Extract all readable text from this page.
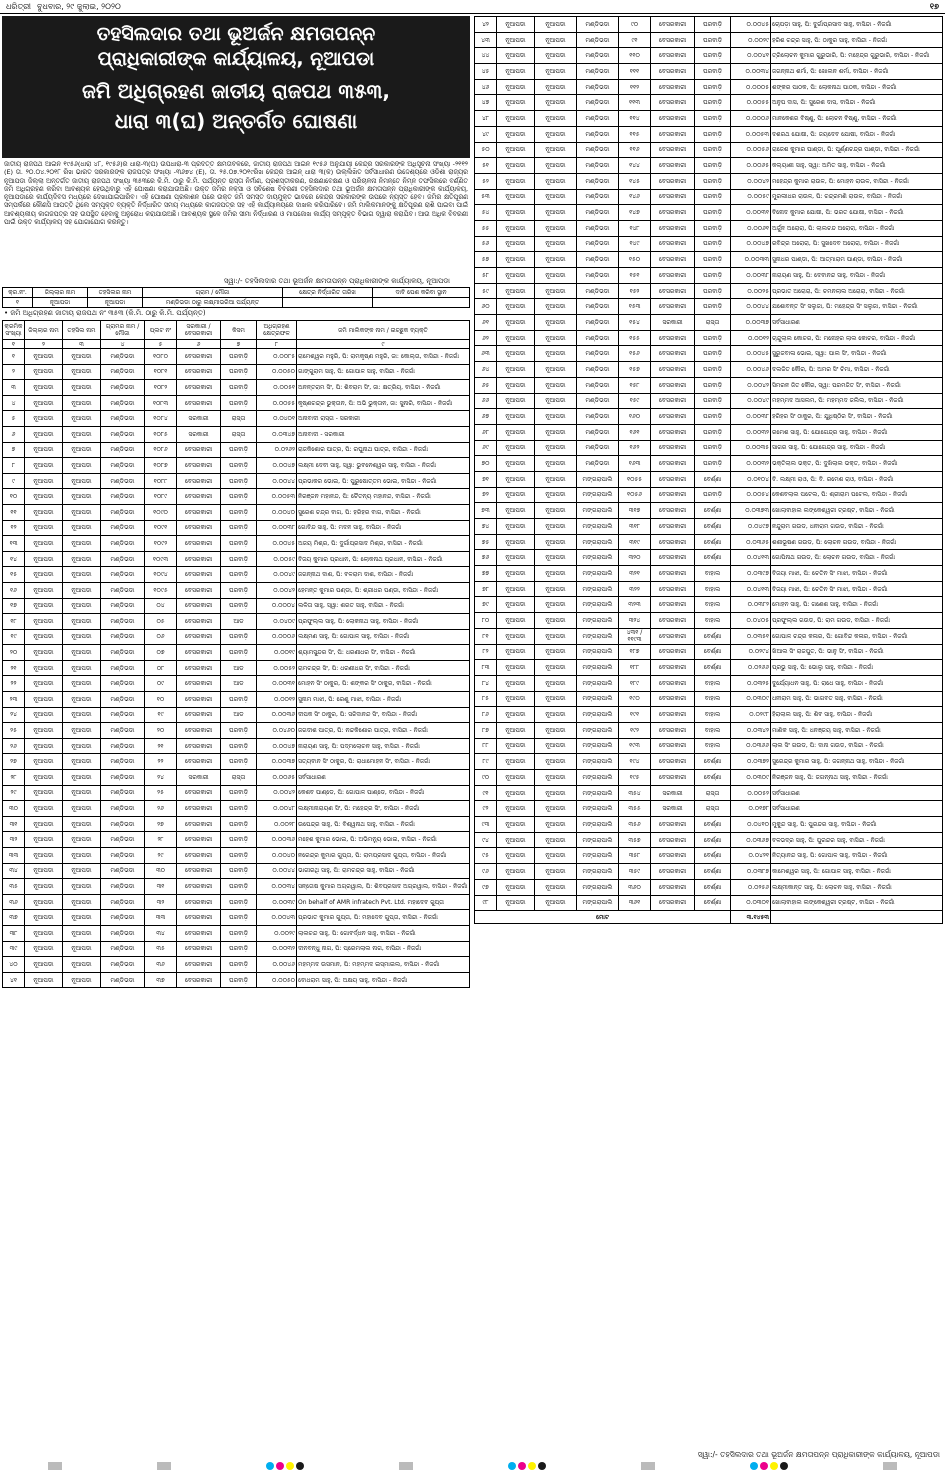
ଧରିତ୍ରୀ ବୁଧବାର, ୨୯ ଜୁଲାଇ, ୨୦୨୦	୧୭
ତହସିଲଦାର ତଥା ଭୂଅର୍ଜନ କ୍ଷମତାପନ୍ନ
ପ୍ରାଧିକାରୀଙ୍କ କାର୍ଯ୍ୟାଳୟ, ନୂଆପଡା
ଜମି ଅଧିଗ୍ରହଣ ଜାତୀୟ ରାଜପଥ ୩୫୩,
ଧାରା ୩(ଘ) ଅନ୍ତର୍ଗତ ଘୋଷଣା
ଜାତୀୟ ରାଜପଥ ଆଇନ ୧୯୫୬(ଧାରା ୪୮, ୧୯୫୬)ର ଧାରା-୩(ଘ) ଉପଧାରା-୩ ପ୍ରଦତ୍ତ କ୍ଷମତାବଳରେ, ଜାତୀୟ ରାଜପଥ ଆଇନ ୧୯୫୬ ଅନୁଯାୟୀ କେନ୍ଦ୍ର ସରକାରଙ୍କ ଅଧିସୂଚନା ସଂଖ୍ୟା -୨୧୧୨ (E) ତା. ୨୦.୦୪.୨୦୧୮ ରିଖ ଭାରତ ସରକାରଙ୍କ ରାଜପତ୍ର ସଂଖ୍ୟା -୩୬୭୪ (E), ତା. ୨୫.୦୭.୨୦୧୯ରିଖ କେନ୍ଦ୍ର ଆଇନ୍ ଧାରା ୩(କ) ଉଲ୍ଲିଖିତ ସର୍ବସାଧାରଣ ଉଦ୍ଦେଶ୍ୟରେ ଓଡିଶା ରାଜ୍ୟର ନୂଆପଡା ଜିଲ୍ଲା ଅନ୍ତର୍ଗତ ଜାତୀୟ ରାଜପଥ ସଂଖ୍ୟା ୩୫୩ରେ କି.ମି. ଠାରୁ କି.ମି. ପର୍ଯ୍ୟନ୍ତ ରାସ୍ତା ନିର୍ମାଣ, ପ୍ରଶସ୍ତୀକରଣ, ରକ୍ଷଣାବେକ୍ଷଣ ଓ ପରିଚାଳନା ନିମନ୍ତେ ନିମ୍ନ ତଫସିଲରେ ବର୍ଣ୍ଣିତ ଜମି ଅଧିଗ୍ରହଣ କରିବା ଆବଶ୍ୟକ ହେଉଥିବାରୁ ଏହି ଘୋଷଣା କରାଯାଉଅଛି। ଉକ୍ତ ଜମିର ନକ୍ସା ଓ ସବିଶେଷ ବିବରଣୀ ତହସିଲଦାର ତଥା ଭୂଅର୍ଜନ କ୍ଷମତାପନ୍ନ ପ୍ରାଧିକାରୀଙ୍କ କାର୍ଯ୍ୟାଳୟ, ନୂଆପଡାରେ କାର୍ଯ୍ୟଦିବସ ମଧ୍ୟରେ ଦେଖାଯାଇପାରିବ। ଏହି ଘୋଷଣା ପ୍ରକାଶନ ପରେ ଉକ୍ତ ଜମି ସମସ୍ତ ଦାୟମୁକ୍ତ ଭାବରେ କେନ୍ଦ୍ର ସରକାରଙ୍କ ଉପରେ ନ୍ୟସ୍ତ ହେବ। ଜମିର କ୍ଷତିପୂରଣ ସମ୍ପର୍କରେ କୌଣସି ଆପତ୍ତି ଥିଲେ ସମ୍ପୃକ୍ତ ବ୍ୟକ୍ତି ନିର୍ଦ୍ଧାରିତ ସମୟ ମଧ୍ୟରେ କାଗଜପତ୍ର ସହ ଏହି କାର୍ଯ୍ୟାଳୟରେ ଦାଖଲ କରିପାରିବେ। ଜମି ମାଲିକମାନଙ୍କୁ କ୍ଷତିପୂରଣ ରାଶି ପାଇବା ପାଇଁ ଆବଶ୍ୟକୀୟ କାଗଜପତ୍ର ସହ ଉପସ୍ଥିତ ହେବାକୁ ଅନୁରୋଧ କରାଯାଉଅଛି। ଆବଶ୍ୟକ ସ୍ଥଳେ ଜମିର ସୀମା ନିର୍ଦ୍ଧାରଣ ଓ ମାପଜୋଖ କାର୍ଯ୍ୟ ସମ୍ପୃକ୍ତ ବିଭାଗ ଦ୍ୱାରା କରାଯିବ। ଆଉ ଅଧିକ ବିବରଣୀ ପାଇଁ ଉକ୍ତ କାର୍ଯ୍ୟାଳୟ ସହ ଯୋଗାଯୋଗ କରନ୍ତୁ।
ସ୍ୱା:/- ତହସିଲଦାର ତଥା ଭୂଅର୍ଜନ କ୍ଷମତାପନ୍ନ ପ୍ରାଧିକାରୀଙ୍କ କାର୍ଯ୍ୟାଳୟ, ନୂଆପଡା
କ୍ର.ନଂ.	ଜିଲ୍ଲାର ନାମ	ତହସିଲର ନାମ	ଗ୍ରାମ / ମୌଜା	କ୍ଷେତ୍ର ନିର୍ଦ୍ଧାରିତ ତାରିଖ	ଦାବି ପେଶ କରିବା ସ୍ଥାନ
୧	ନୂଆପଡା	ନୂଆପଡା	ମଣ୍ଡିଭଡା ଠାରୁ ଲକ୍ଷ୍ମୀଭରିଆ ପର୍ଯ୍ୟନ୍ତ		
• ଜମି ଅଧିଗ୍ରହଣ ଜାତୀୟ ରାଜପଥ ନଂ ୩୫୩ (କି.ମି. ଠାରୁ କି.ମି. ପର୍ଯ୍ୟନ୍ତ)
କ୍ରମିକ ସଂଖ୍ୟା	ଜିଲ୍ଲାର ନାମ	ତହସିଲ ନାମ	ଗ୍ରାମର ନାମ / ମୌଜା	ପ୍ଲଟ ନଂ	ସରକାରୀ / ବେସରକାରୀ	କିସମ	ଅଧିଗ୍ରହଣ କ୍ଷେତ୍ରଫଳ	ଜମି ମାଲିକଙ୍କ ନାମ / ଇଚ୍ଛୁକ ବ୍ୟକ୍ତି
୧	୨	୩	୪	୫	୬	୭	୮	୯
୧	ନୂଆପଡା	ନୂଆପଡା	ମଣ୍ଡିଭଡା	୧୦୮୦	ବେସରକାରୀ	ଘରବାଡ଼ି	୦.୦୦୮୫	ରାମେଶ୍ୱର ମହୁରି, ପି: ରାମକୃଷ୍ଣ ମହୁରି, ଜା: କୋଲ୍ତା, ବାସିନ୍ଦା - ନିଜଗାଁ
୨	ନୂଆପଡା	ନୂଆପଡା	ମଣ୍ଡିଭଡା	୧୦୮୧	ବେସରକାରୀ	ଘରବାଡ଼ି	୦.୦୦୫୦	ଗାଙ୍ଗୁରାମ ସାହୁ, ପି: ଗୋପାଳ ସାହୁ, ବାସିନ୍ଦା - ନିଜଗାଁ
୩	ନୂଆପଡା	ନୂଆପଡା	ମଣ୍ଡିଭଡା	୧୦୮୨	ବେସରକାରୀ	ଘରବାଡ଼ି	୦.୦୦୫୧	ଅନନ୍ତରାମ ସିଂ, ପି: ଶିବରାମ ସିଂ, ଜା: କ୍ଷତ୍ରିୟ, ବାସିନ୍ଦା - ନିଜଗାଁ
୪	ନୂଆପଡା	ନୂଆପଡା	ମଣ୍ଡିଭଡା	୧୦୮୩	ବେସରକାରୀ	ଘରବାଡ଼ି	୦.୦୦୫୫	କୃଷ୍ଣଚନ୍ଦ୍ର ଭୁକ୍ତାନ, ପି: ଅଭି ଭୁକ୍ତାନ, ଜା: ସୁନାରି, ବାସିନ୍ଦା - ନିଜଗାଁ
୫	ନୂଆପଡା	ନୂଆପଡା	ମଣ୍ଡିଭଡା	୧୦୮୪	ସରକାରୀ	ରାସ୍ତା	୦.୦୪୦୧	ଅନାବାଦୀ ରାସ୍ତା - ସରକାରୀ
୬	ନୂଆପଡା	ନୂଆପଡା	ମଣ୍ଡିଭଡା	୧୦୮୫	ସରକାରୀ	ରାସ୍ତା	୦.୦୩୪୭	ଅନାବାଦୀ - ସରକାରୀ
୭	ନୂଆପଡା	ନୂଆପଡା	ମଣ୍ଡିଭଡା	୧୦୮୬	ବେସରକାରୀ	ଘରବାଡ଼ି	୦.୦୨୬୨	ରାଜକିଶୋର ପାତ୍ର, ପି: ରଘୁନାଥ ପାତ୍ର, ବାସିନ୍ଦା - ନିଜଗାଁ
୮	ନୂଆପଡା	ନୂଆପଡା	ମଣ୍ଡିଭଡା	୧୦୮୭	ବେସରକାରୀ	ଘରବାଡ଼ି	୦.୦୦୪୭	ଲକ୍ଷ୍ମୀ ଦେବୀ ସାହୁ, ସ୍ୱା: ଭୁବନେଶ୍ୱର ସାହୁ, ବାସିନ୍ଦା - ନିଜଗାଁ
୯	ନୂଆପଡା	ନୂଆପଡା	ମଣ୍ଡିଭଡା	୧୦୮୮	ବେସରକାରୀ	ଘରବାଡ଼ି	୦.୦୦୪୪	ପ୍ରଭାକର ଭୋଇ, ପି: ପୁରୁଷୋତ୍ତମ ଭୋଇ, ବାସିନ୍ଦା - ନିଜଗାଁ
୧୦	ନୂଆପଡା	ନୂଆପଡା	ମଣ୍ଡିଭଡା	୧୦୮୯	ବେସରକାରୀ	ଘରବାଡ଼ି	୦.୦୦୫୩	ନିରଞ୍ଜନ ମହାନନ୍ଦ, ପି: ଚୈତନ୍ୟ ମହାନନ୍ଦ, ବାସିନ୍ଦା - ନିଜଗାଁ
୧୧	ନୂଆପଡା	ନୂଆପଡା	ମଣ୍ଡିଭଡା	୧୦୯୦	ବେସରକାରୀ	ଘରବାଡ଼ି	୦.୦୦୪୦	ସୁରେଶ ଚନ୍ଦ୍ର ବାଗ, ପି: ହରିହର ବାଗ, ବାସିନ୍ଦା - ନିଜଗାଁ
୧୨	ନୂଆପଡା	ନୂଆପଡା	ମଣ୍ଡିଭଡା	୧୦୯୧	ବେସରକାରୀ	ଘରବାଡ଼ି	୦.୦୦୩୮	ଗୋବିନ୍ଦ ସାହୁ, ପି: ମଦନ ସାହୁ, ବାସିନ୍ଦା - ନିଜଗାଁ
୧୩	ନୂଆପଡା	ନୂଆପଡା	ମଣ୍ଡିଭଡା	୧୦୯୨	ବେସରକାରୀ	ଘରବାଡ଼ି	୦.୦୦୪୫	ଅଜୟ ମିଶ୍ର, ପି: ଦୁର୍ଗାପ୍ରସାଦ ମିଶ୍ର, ବାସିନ୍ଦା - ନିଜଗାଁ
୧୪	ନୂଆପଡା	ନୂଆପଡା	ମଣ୍ଡିଭଡା	୧୦୯୩	ବେସରକାରୀ	ଘରବାଡ଼ି	୦.୦୦୫୯	ବିଜୟ କୁମାର ପ୍ରଧାନ, ପି: ଲୋକନାଥ ପ୍ରଧାନ, ବାସିନ୍ଦା - ନିଜଗାଁ
୧୫	ନୂଆପଡା	ନୂଆପଡା	ମଣ୍ଡିଭଡା	୧୦୯୪	ବେସରକାରୀ	ଘରବାଡ଼ି	୦.୦୦୪୯	ଜଗନ୍ନାଥ ଦାଶ, ପି: ବଳରାମ ଦାଶ, ବାସିନ୍ଦା - ନିଜଗାଁ
୧୬	ନୂଆପଡା	ନୂଆପଡା	ମଣ୍ଡିଭଡା	୧୦୯୫	ବେସରକାରୀ	ଘରବାଡ଼ି	୦.୦୦୪୨	ହେମନ୍ତ କୁମାର ପଣ୍ଡା, ପି: ଶ୍ରୀଧର ପଣ୍ଡା, ବାସିନ୍ଦା - ନିଜଗାଁ
୧୭	ନୂଆପଡା	ନୂଆପଡା	ମଣ୍ଡିଭଡା	୦୪	ବେସରକାରୀ	ଘରବାଡ଼ି	୦.୦୦୦୪	ଲଳିତା ସାହୁ, ସ୍ୱା: ଶରତ ସାହୁ, ବାସିନ୍ଦା - ନିଜଗାଁ
୧୮	ନୂଆପଡା	ନୂଆପଡା	ମଣ୍ଡିଭଡା	୦୫	ବେସରକାରୀ	ଆଡ	୦.୦୪୦୯	ପ୍ରଫୁଲ୍ଲ ସାହୁ, ପି: ଲୋକନାଥ ସାହୁ, ବାସିନ୍ଦା - ନିଜଗାଁ
୧୯	ନୂଆପଡା	ନୂଆପଡା	ମଣ୍ଡିଭଡା	୦୬	ବେସରକାରୀ	ଘରବାଡ଼ି	୦.୦୦୦୬	ଲକ୍ଷ୍ମଣ ସାହୁ, ପି: ଗୋପାଳ ସାହୁ, ବାସିନ୍ଦା - ନିଜଗାଁ
୨୦	ନୂଆପଡା	ନୂଆପଡା	ମଣ୍ଡିଭଡା	୦୭	ବେସରକାରୀ	ଘରବାଡ଼ି	୦.୦୦୧୯	ଶ୍ୟାମସୁନ୍ଦର ସିଂ, ପି: ଧରଣୀଧର ସିଂ, ବାସିନ୍ଦା - ନିଜଗାଁ
୨୧	ନୂଆପଡା	ନୂଆପଡା	ମଣ୍ଡିଭଡା	୦୮	ବେସରକାରୀ	ଆଡ	୦.୦୦୫୨	ରାମଚନ୍ଦ୍ର ସିଂ, ପି: ଧରଣୀଧର ସିଂ, ବାସିନ୍ଦା - ନିଜଗାଁ
୨୨	ନୂଆପଡା	ନୂଆପଡା	ମଣ୍ଡିଭଡା	୦୯	ବେସରକାରୀ	ଆଡ	୦.୦୦୩୧	ମୋହନ ସିଂ ଠାକୁର, ପି: ଶଙ୍କର ସିଂ ଠାକୁର, ବାସିନ୍ଦା - ନିଜଗାଁ
୨୩	ନୂଆପଡା	ନୂଆପଡା	ମଣ୍ଡିଭଡା	୧୦	ବେସରକାରୀ	ଘରବାଡ଼ି	୦.୦୦୧୨	ସୁନାମ ମାଝୀ, ପି: ରେଣୁ ମାଝୀ, ବାସିନ୍ଦା - ନିଜଗାଁ
୨୪	ନୂଆପଡା	ନୂଆପଡା	ମଣ୍ଡିଭଡା	୧୯	ବେସରକାରୀ	ଆଡ	୦.୦୦୩୬	ଦୀପକ ସିଂ ଠାକୁର, ପି: ସଚ୍ଚିଦାନନ୍ଦ ସିଂ, ବାସିନ୍ଦା - ନିଜଗାଁ
୨୫	ନୂଆପଡା	ନୂଆପଡା	ମଣ୍ଡିଭଡା	୨୦	ବେସରକାରୀ	ଘରବାଡ଼ି	୦.୦୪୬୦	ଜଗଦୀଶ ପାତ୍ର, ପି: ନନ୍ଦକିଶୋର ପାତ୍ର, ବାସିନ୍ଦା - ନିଜଗାଁ
୨୬	ନୂଆପଡା	ନୂଆପଡା	ମଣ୍ଡିଭଡା	୨୧	ବେସରକାରୀ	ଘରବାଡ଼ି	୦.୦୦୪୭	ନାରାୟଣ ସାହୁ, ପି: ପଦ୍ମଲୋଚନ ସାହୁ, ବାସିନ୍ଦା - ନିଜଗାଁ
୨୭	ନୂଆପଡା	ନୂଆପଡା	ମଣ୍ଡିଭଡା	୨୨	ବେସରକାରୀ	ଘରବାଡ଼ି	୦.୦୦୩୭	ସତ୍ୟବାନ ସିଂ ଠାକୁର, ପି: ରାଧାମୋହନ ସିଂ, ବାସିନ୍ଦା - ନିଜଗାଁ
୨୮	ନୂଆପଡା	ନୂଆପଡା	ମଣ୍ଡିଭଡା	୨୪	ସରକାରୀ	ରାସ୍ତା	୦.୦୦୬୫	ସର୍ବସାଧାରଣ
୨୯	ନୂଆପଡା	ନୂଆପଡା	ମଣ୍ଡିଭଡା	୨୫	ବେସରକାରୀ	ଘରବାଡ଼ି	୦.୦୦୪୨	କେଶବ ପାଣ୍ଡେ, ପି: ଗୋପାଳ ପାଣ୍ଡେ, ବାସିନ୍ଦା - ନିଜଗାଁ
୩୦	ନୂଆପଡା	ନୂଆପଡା	ମଣ୍ଡିଭଡା	୨୬	ବେସରକାରୀ	ଘରବାଡ଼ି	୦.୦୦୪୮	ଲକ୍ଷ୍ମୀନାରାୟଣ ସିଂ, ପି: ମହେନ୍ଦ୍ର ସିଂ, ବାସିନ୍ଦା - ନିଜଗାଁ
୩୧	ନୂଆପଡା	ନୂଆପଡା	ମଣ୍ଡିଭଡା	୨୭	ବେସରକାରୀ	ଘରବାଡ଼ି	୦.୦୦୨୮	ଉପେନ୍ଦ୍ର ସାହୁ, ପି: ବିଶ୍ୱନାଥ ସାହୁ, ବାସିନ୍ଦା - ନିଜଗାଁ
୩୨	ନୂଆପଡା	ନୂଆପଡା	ମଣ୍ଡିଭଡା	୨୮	ବେସରକାରୀ	ଘରବାଡ଼ି	୦.୦୦୩୬	ମହେଶ କୁମାର ଭୋଇ, ପି: ଅଭିମନ୍ୟୁ ଭୋଇ, ବାସିନ୍ଦା - ନିଜଗାଁ
୩୩	ନୂଆପଡା	ନୂଆପଡା	ମଣ୍ଡିଭଡା	୨୯	ବେସରକାରୀ	ଘରବାଡ଼ି	୦.୦୦୪୦	ନରେନ୍ଦ୍ର କୁମାର ଗୁପ୍ତା, ପି: ରାମପ୍ରସାଦ ଗୁପ୍ତା, ବାସିନ୍ଦା - ନିଜଗାଁ
୩୪	ନୂଆପଡା	ନୂଆପଡା	ମଣ୍ଡିଭଡା	୩୦	ବେସରକାରୀ	ଘରବାଡ଼ି	୦.୦୦୪୪	ଭାଗୀରଥି ସାହୁ, ପି: ରାମଚନ୍ଦ୍ର ସାହୁ, ବାସିନ୍ଦା - ନିଜଗାଁ
୩୫	ନୂଆପଡା	ନୂଆପଡା	ମଣ୍ଡିଭଡା	୩୧	ବେସରକାରୀ	ଘରବାଡ଼ି	୦.୦୦୩୪	ସନ୍ତୋଷ କୁମାର ଅଗ୍ରୱାଲ, ପି: ଶିବପ୍ରସାଦ ଅଗ୍ରୱାଲ, ବାସିନ୍ଦା - ନିଜଗାଁ
୩୬	ନୂଆପଡା	ନୂଆପଡା	ମଣ୍ଡିଭଡା	୩୨	ବେସରକାରୀ	ଘରବାଡ଼ି	୦.୦୦୩୯	On behalf of AMR infratech Pvt. Ltd. ମହାଦେବ ଗୁପ୍ତା
୩୭	ନୂଆପଡା	ନୂଆପଡା	ମଣ୍ଡିଭଡା	୩୩	ବେସରକାରୀ	ଘରବାଡ଼ି	୦.୦୦୪୩	ପ୍ରଭାତ କୁମାର ଗୁପ୍ତା, ପି: ମହାଦେବ ଗୁପ୍ତା, ବାସିନ୍ଦା - ନିଜଗାଁ
୩୮	ନୂଆପଡା	ନୂଆପଡା	ମଣ୍ଡିଭଡା	୩୪	ବେସରକାରୀ	ଘରବାଡ଼ି	୦.୦୦୨୯	ଲାଲଚନ୍ଦ ସାହୁ, ପି: ଗୋବର୍ଦ୍ଧନ ସାହୁ, ବାସିନ୍ଦା - ନିଜଗାଁ
୩୯	ନୂଆପଡା	ନୂଆପଡା	ମଣ୍ଡିଭଡା	୩୫	ବେସରକାରୀ	ଘରବାଡ଼ି	୦.୦୦୩୨	ଦୀନବନ୍ଧୁ ନାଗ, ପି: ପ୍ରେମଲାଲ ନାଗ, ବାସିନ୍ଦା - ନିଜଗାଁ
୪୦	ନୂଆପଡା	ନୂଆପଡା	ମଣ୍ଡିଭଡା	୩୬	ବେସରକାରୀ	ଘରବାଡ଼ି	୦.୦୦୪୬	ମହମ୍ମଦ ଉସମାନ, ପି: ମହମ୍ମଦ ଇସ୍ମାଇଲ, ବାସିନ୍ଦା - ନିଜଗାଁ
୪୧	ନୂଆପଡା	ନୂଆପଡା	ମଣ୍ଡିଭଡା	୩୭	ବେସରକାରୀ	ଘରବାଡ଼ି	୦.୦୦୫୦	ବୋଧରାମ ସାହୁ, ପି: ଅକ୍ଷୟ ସାହୁ, ବାସିନ୍ଦା - ନିଜଗାଁ
୪୨	ନୂଆପଡା	ନୂଆପଡା	ମଣ୍ଡିଭଡା	୯୦	ବେସରକାରୀ	ଘରବାଡ଼ି	୦.୦୦୪୫	ଚୋପଡ଼ା ସାହୁ, ପି: ଦୁର୍ଗାପ୍ରସାଦ ସାହୁ, ବାସିନ୍ଦା - ନିଜଗାଁ
୪୩	ନୂଆପଡା	ନୂଆପଡା	ମଣ୍ଡିଭଡା	୯୧	ବେସରକାରୀ	ଘରବାଡ଼ି	୦.୦୦୨୯	ହରିଶ ଚନ୍ଦ୍ର ସାହୁ, ପି: ଠାକୁର ସାହୁ, ବାସିନ୍ଦା - ନିଜଗାଁ
୪୪	ନୂଆପଡା	ନୂଆପଡା	ମଣ୍ଡିଭଡା	୧୧୦	ବେସରକାରୀ	ଘରବାଡ଼ି	୦.୦୦୪୧	ତ୍ରିଲୋଚନ କୁମାର ଗୁରୁଭାରି, ପି: ମହେନ୍ଦ୍ର ଗୁରୁଭାରି, ବାସିନ୍ଦା - ନିଜଗାଁ
୪୫	ନୂଆପଡା	ନୂଆପଡା	ମଣ୍ଡିଭଡା	୧୧୧	ବେସରକାରୀ	ଘରବାଡ଼ି	୦.୦୦୩୪	ଜଗନ୍ନାଥ ଶର୍ମା, ପି: ଖୋଲନ ଶର୍ମା, ବାସିନ୍ଦା - ନିଜଗାଁ
୪୬	ନୂଆପଡା	ନୂଆପଡା	ମଣ୍ଡିଭଡା	୧୧୨	ବେସରକାରୀ	ଘରବାଡ଼ି	୦.୦୦୦୫	ଶଙ୍କର ପାଠକ, ପି: ଲୋକନାଥ ପାଠକ, ବାସିନ୍ଦା - ନିଜଗାଁ
୪୭	ନୂଆପଡା	ନୂଆପଡା	ମଣ୍ଡିଭଡା	୧୧୩	ବେସରକାରୀ	ଘରବାଡ଼ି	୦.୦୦୫୫	ଅନୁପ ଦାସ, ପି: ସୁରେଶ ଦାସ, ବାସିନ୍ଦା - ନିଜଗାଁ
୪୮	ନୂଆପଡା	ନୂଆପଡା	ମଣ୍ଡିଭଡା	୧୧୪	ବେସରକାରୀ	ଘରବାଡ଼ି	୦.୦୦୦୬	ମାନକେଶର ବିଷ୍ଣୁ, ପି: ଲୋଚନ ବିଷ୍ଣୁ, ବାସିନ୍ଦା - ନିଜଗାଁ
୪୯	ନୂଆପଡା	ନୂଆପଡା	ମଣ୍ଡିଭଡା	୧୧୫	ବେସରକାରୀ	ଘରବାଡ଼ି	୦.୦୦୫୩	ଦଶରଥ ଯୋଷୀ, ପି: ଜୟଦେବ ଯୋଷୀ, ବାସିନ୍ଦା - ନିଜଗାଁ
୫୦	ନୂଆପଡା	ନୂଆପଡା	ମଣ୍ଡିଭଡା	୧୧୬	ବେସରକାରୀ	ଘରବାଡ଼ି	୦.୦୦୫୬	ରାଜେଶ କୁମାର ପାଣ୍ଡା, ପି: ପୂର୍ଣ୍ଣଚନ୍ଦ୍ର ପାଣ୍ଡା, ବାସିନ୍ଦା - ନିଜଗାଁ
୫୧	ନୂଆପଡା	ନୂଆପଡା	ମଣ୍ଡିଭଡା	୧୪୪	ବେସରକାରୀ	ଘରବାଡ଼ି	୦.୦୦୬୫	କଲ୍ୟାଣୀ ସାହୁ, ସ୍ୱା: ଅମିତ ସାହୁ, ବାସିନ୍ଦା - ନିଜଗାଁ
୫୨	ନୂଆପଡା	ନୂଆପଡା	ମଣ୍ଡିଭଡା	୧୪୫	ବେସରକାରୀ	ଘରବାଡ଼ି	୦.୦୦୪୨	ମହେନ୍ଦ୍ର କୁମାର ରାଉଳ, ପି: ମୋହନ ରାଉଳ, ବାସିନ୍ଦା - ନିଜଗାଁ
୫୩	ନୂଆପଡା	ନୂଆପଡା	ମଣ୍ଡିଭଡା	୧୪୬	ବେସରକାରୀ	ଘରବାଡ଼ି	୦.୦୦୫୯	ମୁରଲୀଧର ରାଉଳ, ପି: ଚନ୍ଦ୍ରମଣି ରାଉଳ, ବାସିନ୍ଦା - ନିଜଗାଁ
୫୪	ନୂଆପଡା	ନୂଆପଡା	ମଣ୍ଡିଭଡା	୧୪୭	ବେସରକାରୀ	ଘରବାଡ଼ି	୦.୦୦୩୧	ବିନୋଦ କୁମାର ଯୋଷୀ, ପି: ଭରତ ଯୋଷୀ, ବାସିନ୍ଦା - ନିଜଗାଁ
୫୫	ନୂଆପଡା	ନୂଆପଡା	ମଣ୍ଡିଭଡା	୧୪୮	ବେସରକାରୀ	ଘରବାଡ଼ି	୦.୦୦୬୧	ଅର୍ଜୁନ ଅରୋରା, ପି: ଲାଲଚନ୍ଦ ଅରୋରା, ବାସିନ୍ଦା - ନିଜଗାଁ
୫୬	ନୂଆପଡା	ନୂଆପଡା	ମଣ୍ଡିଭଡା	୧୪୯	ବେସରକାରୀ	ଘରବାଡ଼ି	୦.୦୦୪୭	ରବିନ୍ଦ୍ର ଅରୋରା, ପି: ସୁଖଦେବ ଅରୋରା, ବାସିନ୍ଦା - ନିଜଗାଁ
୫୭	ନୂଆପଡା	ନୂଆପଡା	ମଣ୍ଡିଭଡା	୧୫୦	ବେସରକାରୀ	ଘରବାଡ଼ି	୦.୦୦୩୩	ସୁନାଧର ପାଣ୍ଡା, ପି: ଆତ୍ମାରାମ ପାଣ୍ଡା, ବାସିନ୍ଦା - ନିଜଗାଁ
୫୮	ନୂଆପଡା	ନୂଆପଡା	ମଣ୍ଡିଭଡା	୧୫୧	ବେସରକାରୀ	ଘରବାଡ଼ି	୦.୦୦୩୮	ନାରାୟଣ ସାହୁ, ପି: ଦେବାନନ୍ଦ ସାହୁ, ବାସିନ୍ଦା - ନିଜଗାଁ
୫୯	ନୂଆପଡା	ନୂଆପଡା	ମଣ୍ଡିଭଡା	୧୫୨	ବେସରକାରୀ	ଘରବାଡ଼ି	୦.୦୦୨୫	ପ୍ରଭାତ ଅରୋରା, ପି: ଚମନଲାଲ ଅରୋରା, ବାସିନ୍ଦା - ନିଜଗାଁ
୬୦	ନୂଆପଡା	ନୂଆପଡା	ମଣ୍ଡିଭଡା	୧୫୩	ବେସରକାରୀ	ଘରବାଡ଼ି	୦.୦୦୪୪	ଯଶୋବନ୍ତ ସିଂ ସଲୁଜା, ପି: ମହେନ୍ଦ୍ର ସିଂ ସଲୁଜା, ବାସିନ୍ଦା - ନିଜଗାଁ
୬୧	ନୂଆପଡା	ନୂଆପଡା	ମଣ୍ଡିଭଡା	୧୫୪	ସରକାରୀ	ରାସ୍ତା	୦.୦୦୩୭	ସର୍ବସାଧାରଣ
୬୨	ନୂଆପଡା	ନୂଆପଡା	ମଣ୍ଡିଭଡା	୧୫୫	ବେସରକାରୀ	ଘରବାଡ଼ି	୦.୦୦୧୨	ଚାନ୍ଦୁଲାଲ କୋଚର, ପି: ମନୋହର ଲାଲ କୋଚର, ବାସିନ୍ଦା - ନିଜଗାଁ
୬୩	ନୂଆପଡା	ନୂଆପଡା	ମଣ୍ଡିଭଡା	୧୫୬	ବେସରକାରୀ	ଘରବାଡ଼ି	୦.୦୦୪୫	ସୁରୁଜବାଳା ଭୋଇ, ସ୍ୱା: ପାଲ ସିଂ, ବାସିନ୍ଦା - ନିଜଗାଁ
୬୪	ନୂଆପଡା	ନୂଆପଡା	ମଣ୍ଡିଭଡା	୧୫୭	ବେସରକାରୀ	ଘରବାଡ଼ି	୦.୦୦୪୬	ଦଲଜିତ କୌର, ପି: ଅମର ସିଂ ଚିମା, ବାସିନ୍ଦା - ନିଜଗାଁ
୬୫	ନୂଆପଡା	ନୂଆପଡା	ମଣ୍ଡିଭଡା	୧୫୮	ବେସରକାରୀ	ଘରବାଡ଼ି	୦.୦୦୪୨	ସିମରନ ଜିତ କୌର, ସ୍ୱା: ପରମଜିତ ସିଂ, ବାସିନ୍ଦା - ନିଜଗାଁ
୬୬	ନୂଆପଡା	ନୂଆପଡା	ମଣ୍ଡିଭଡା	୧୫୯	ବେସରକାରୀ	ଘରବାଡ଼ି	୦.୦୦୪୯	ମହମ୍ମଦ ଆସଲମ, ପି: ମହମ୍ମଦ ଜଲିଲ, ବାସିନ୍ଦା - ନିଜଗାଁ
୬୭	ନୂଆପଡା	ନୂଆପଡା	ମଣ୍ଡିଭଡା	୧୬୦	ବେସରକାରୀ	ଘରବାଡ଼ି	୦.୦୦୩୮	ହରିହର ସିଂ ଠାକୁର, ପି: ଯୁଧିଷ୍ଠିର ସିଂ, ବାସିନ୍ଦା - ନିଜଗାଁ
୬୮	ନୂଆପଡା	ନୂଆପଡା	ମଣ୍ଡିଭଡା	୧୬୧	ବେସରକାରୀ	ଘରବାଡ଼ି	୦.୦୦୩୨	ରମେଶ ସାହୁ, ପି: ଯୋଗେନ୍ଦ୍ର ସାହୁ, ବାସିନ୍ଦା - ନିଜଗାଁ
୬୯	ନୂଆପଡା	ନୂଆପଡା	ମଣ୍ଡିଭଡା	୧୬୨	ବେସରକାରୀ	ଘରବାଡ଼ି	୦.୦୦୩୫	ସାଗର ସାହୁ, ପି: ଯୋଗେନ୍ଦ୍ର ସାହୁ, ବାସିନ୍ଦା - ନିଜଗାଁ
୭୦	ନୂଆପଡା	ନୂଆପଡା	ମଣ୍ଡିଭଡା	୧୬୩	ବେସରକାରୀ	ଘରବାଡ଼ି	୦.୦୦୩୨	ଭକ୍ତିଲାଲ ଭକ୍ତ, ପି: ଦୁଖିଲାଲ ଭକ୍ତ, ବାସିନ୍ଦା - ନିଜଗାଁ
୭୧	ନୂଆପଡା	ନୂଆପଡା	ମଙ୍ଗରାପାଲି	୧୦୫୫	ବେସରକାରୀ	ବେର୍ଣ୍ଣା	୦.୦୧୦୪	ବି. ଲକ୍ଷ୍ମୀ ରାଓ, ପି: ବି. ରମେଶ ରାଓ, ବାସିନ୍ଦା - ନିଜଗାଁ
୭୨	ନୂଆପଡା	ନୂଆପଡା	ମଙ୍ଗରାପାଲି	୧୦୫୬	ବେସରକାରୀ	ଘରବାଡ଼ି	୦.୦୦୫୪	କେଶବଲାଲ ପଟେଲ, ପି: ଶ୍ରୀରାମ ପଟେଲ, ବାସିନ୍ଦା - ନିଜଗାଁ
୭୩	ନୂଆପଡା	ନୂଆପଡା	ମଙ୍ଗରାପାଲି	୩୧୭	ବେସରକାରୀ	ବେର୍ଣ୍ଣା	୦.୦୩୭୩	ଖୋଲାବାହାଲ ଲଙ୍କେଶ୍ୱରୀ ଟ୍ରଷ୍ଟ, ବାସିନ୍ଦା - ନିଜଗାଁ
୭୪	ନୂଆପଡା	ନୂଆପଡା	ମଙ୍ଗରାପାଲି	୩୧୮	ବେସରକାରୀ	ବେର୍ଣ୍ଣା	୦.୦୪୯୭	ନନ୍ଦୁରାମ ଗଉଡ, ଧନୀରାମ ଗଉଡ, ବାସିନ୍ଦା - ନିଜଗାଁ
୭୫	ନୂଆପଡା	ନୂଆପଡା	ମଙ୍ଗରାପାଲି	୩୧୯	ବେସରକାରୀ	ବେର୍ଣ୍ଣା	୦.୦୩୬୫	ଶଶୀଭୂଷଣ ଗଉଡ, ପି: ଲୋଚନ ଗଉଡ, ବାସିନ୍ଦା - ନିଜଗାଁ
୭୬	ନୂଆପଡା	ନୂଆପଡା	ମଙ୍ଗରାପାଲି	୩୨୦	ବେସରକାରୀ	ବେର୍ଣ୍ଣା	୦.୦୪୧୩	ଗୋପିନାଥ ଗଉଡ, ପି: ଲୋଚନ ଗଉଡ, ବାସିନ୍ଦା - ନିଜଗାଁ
୭୭	ନୂଆପଡା	ନୂଆପଡା	ମଙ୍ଗରାପାଲି	୩୨୧	ବେସରକାରୀ	ବାହାଲ	୦.୦୩୯୭	ବିଜୟା ମାଝୀ, ପି: ଚେତିନ ସିଂ ମାଝୀ, ବାସିନ୍ଦା - ନିଜଗାଁ
୭୮	ନୂଆପଡା	ନୂଆପଡା	ମଙ୍ଗରାପାଲି	୩୨୨	ବେସରକାରୀ	ବାହାଲ	୦.୦୪୧୩	ବିଜୟା ମାଝୀ, ପି: ଚେତିନ ସିଂ ମାଝୀ, ବାସିନ୍ଦା - ନିଜଗାଁ
୭୯	ନୂଆପଡା	ନୂଆପଡା	ମଙ୍ଗରାପାଲି	୩୨୩	ବେସରକାରୀ	ବାହାଲ	୦.୦୩୮୨	ମୋହନ ସାହୁ, ପି: ଗଣେଶ ସାହୁ, ବାସିନ୍ଦା - ନିଜଗାଁ
୮୦	ନୂଆପଡା	ନୂଆପଡା	ମଙ୍ଗରାପାଲି	୩୨୪	ବେସରକାରୀ	ବାହାଲ	୦.୦୪୦୫	ପ୍ରଫୁଲ୍ଲ ଗଉଡ, ପି: ରାମ ଗଉଡ, ବାସିନ୍ଦା - ନିଜଗାଁ
୮୧	ନୂଆପଡା	ନୂଆପଡା	ମଙ୍ଗରାପାଲି	୪୩୧ / ୧୧୯୩	ବେସରକାରୀ	ବେର୍ଣ୍ଣା	୦.୦୩୫୧	ଗୋପାଳ ଚନ୍ଦ୍ର କଳାର, ପି: ଗୋବିନ୍ଦ କଳାର, ବାସିନ୍ଦା - ନିଜଗାଁ
୮୨	ନୂଆପଡା	ନୂଆପଡା	ମଙ୍ଗରାପାଲି	୧୮୭	ବେସରକାରୀ	ବେର୍ଣ୍ଣା	୦.୦୨୯୪	ଖିଆଲ ସିଂ ରାଜପୁତ, ପି: ଭାନୁ ସିଂ, ବାସିନ୍ଦା - ନିଜଗାଁ
୮୩	ନୂଆପଡା	ନୂଆପଡା	ମଙ୍ଗରାପାଲି	୧୮୮	ବେସରକାରୀ	ବେର୍ଣ୍ଣା	୦.୦୨୬୬	ପ୍ରଭୁ ସାହୁ, ପି: ଭୋଲୁ ସାହୁ, ବାସିନ୍ଦା - ନିଜଗାଁ
୮୪	ନୂଆପଡା	ନୂଆପଡା	ମଙ୍ଗରାପାଲି	୧୮୯	ବେସରକାରୀ	ବାହାଲ	୦.୦୩୨୫	ଦୁର୍ଯ୍ୟୋଧନ ସାହୁ, ପି: ରାଧେ ସାହୁ, ବାସିନ୍ଦା - ନିଜଗାଁ
୮୫	ନୂଆପଡା	ନୂଆପଡା	ମଙ୍ଗରାପାଲି	୧୯୦	ବେସରକାରୀ	ବାହାଲ	୦.୦୩୦୯	ଧନୀରାମ ସାହୁ, ପି: ଭାଗବତ ସାହୁ, ବାସିନ୍ଦା - ନିଜଗାଁ
୮୬	ନୂଆପଡା	ନୂଆପଡା	ମଙ୍ଗରାପାଲି	୧୯୧	ବେସରକାରୀ	ବାହାଲ	୦.୦୨୯୮	ହିରାଲାଲ ସାହୁ, ପି: ଶିବ ସାହୁ, ବାସିନ୍ଦା - ନିଜଗାଁ
୮୭	ନୂଆପଡା	ନୂଆପଡା	ମଙ୍ଗରାପାଲି	୧୯୨	ବେସରକାରୀ	ବାହାଲ	୦.୦୩୪୨	ମାଣିକ ସାହୁ, ପି: ଧନଞ୍ଜୟ ସାହୁ, ବାସିନ୍ଦା - ନିଜଗାଁ
୮୮	ନୂଆପଡା	ନୂଆପଡା	ମଙ୍ଗରାପାଲି	୧୯୩	ବେସରକାରୀ	ବାହାଲ	୦.୦୩୬୬	ଲାଲ ସିଂ ଗଉଡ, ପି: ଦାନା ଗଉଡ, ବାସିନ୍ଦା - ନିଜଗାଁ
୮୯	ନୂଆପଡା	ନୂଆପଡା	ମଙ୍ଗରାପାଲି	୧୯୪	ବେସରକାରୀ	ବେର୍ଣ୍ଣା	୦.୦୩୭୨	ସୁରେନ୍ଦ୍ର କୁମାର ସାହୁ, ପି: ଜଗନ୍ନାଥ ସାହୁ, ବାସିନ୍ଦା - ନିଜଗାଁ
୯୦	ନୂଆପଡା	ନୂଆପଡା	ମଙ୍ଗରାପାଲି	୧୯୫	ବେସରକାରୀ	ବେର୍ଣ୍ଣା	୦.୦୩୦୯	ନିରଞ୍ଜନ ସାହୁ, ପି: ଜଗନ୍ନାଥ ସାହୁ, ବାସିନ୍ଦା - ନିଜଗାଁ
୯୧	ନୂଆପଡା	ନୂଆପଡା	ମଙ୍ଗରାପାଲି	୩୫୪	ସରକାରୀ	ରାସ୍ତା	୦.୦୦୫୨	ସର୍ବସାଧାରଣ
୯୨	ନୂଆପଡା	ନୂଆପଡା	ମଙ୍ଗରାପାଲି	୩୫୫	ସରକାରୀ	ରାସ୍ତା	୦.୦୧୭୮	ସର୍ବସାଧାରଣ
୯୩	ନୂଆପଡା	ନୂଆପଡା	ମଙ୍ଗରାପାଲି	୩୫୬	ବେସରକାରୀ	ବେର୍ଣ୍ଣା	୦.୦୪୧୦	ମୁକୁନ୍ଦ ସାହୁ, ପି: ପୁରନ୍ଦର ସାହୁ, ବାସିନ୍ଦା - ନିଜଗାଁ
୯୪	ନୂଆପଡା	ନୂଆପଡା	ମଙ୍ଗରାପାଲି	୩୫୭	ବେସରକାରୀ	ବେର୍ଣ୍ଣା	୦.୦୩୬୭	ବଳଭଦ୍ର ସାହୁ, ପି: ପୁରନ୍ଦର ସାହୁ, ବାସିନ୍ଦା - ନିଜଗାଁ
୯୫	ନୂଆପଡା	ନୂଆପଡା	ମଙ୍ଗରାପାଲି	୩୫୮	ବେସରକାରୀ	ବେର୍ଣ୍ଣା	୦.୦୪୨୧	ନିତ୍ୟାନନ୍ଦ ସାହୁ, ପି: ଗୋପାଳ ସାହୁ, ବାସିନ୍ଦା - ନିଜଗାଁ
୯୬	ନୂଆପଡା	ନୂଆପଡା	ମଙ୍ଗରାପାଲି	୩୫୯	ବେସରକାରୀ	ବେର୍ଣ୍ଣା	୦.୦୩୮୭	କାମେଶ୍ୱର ସାହୁ, ପି: ଗୋପାଳ ସାହୁ, ବାସିନ୍ଦା - ନିଜଗାଁ
୯୭	ନୂଆପଡା	ନୂଆପଡା	ମଙ୍ଗରାପାଲି	୩୬୦	ବେସରକାରୀ	ବେର୍ଣ୍ଣା	୦.୦୨୫୬	ଲକ୍ଷ୍ମୀକାନ୍ତ ସାହୁ, ପି: ଲୋଚନ ସାହୁ, ବାସିନ୍ଦା - ନିଜଗାଁ
୯୮	ନୂଆପଡା	ନୂଆପଡା	ମଙ୍ଗରାପାଲି	୩୬୧	ବେସରକାରୀ	ବେର୍ଣ୍ଣା	୦.୦୩୦୧	ଖୋଲାବାହାଲ ଲଙ୍କେଶ୍ୱରୀ ଟ୍ରଷ୍ଟ, ବାସିନ୍ଦା - ନିଜଗାଁ
ମୋଟ							୩.୧୪୫୩	
ସ୍ୱା:/- ତହସିଲଦାର ତଥା ଭୂଅର୍ଜନ କ୍ଷମତାପନ୍ନ ପ୍ରାଧିକାରୀଙ୍କ କାର୍ଯ୍ୟାଳୟ, ନୂଆପଡା
